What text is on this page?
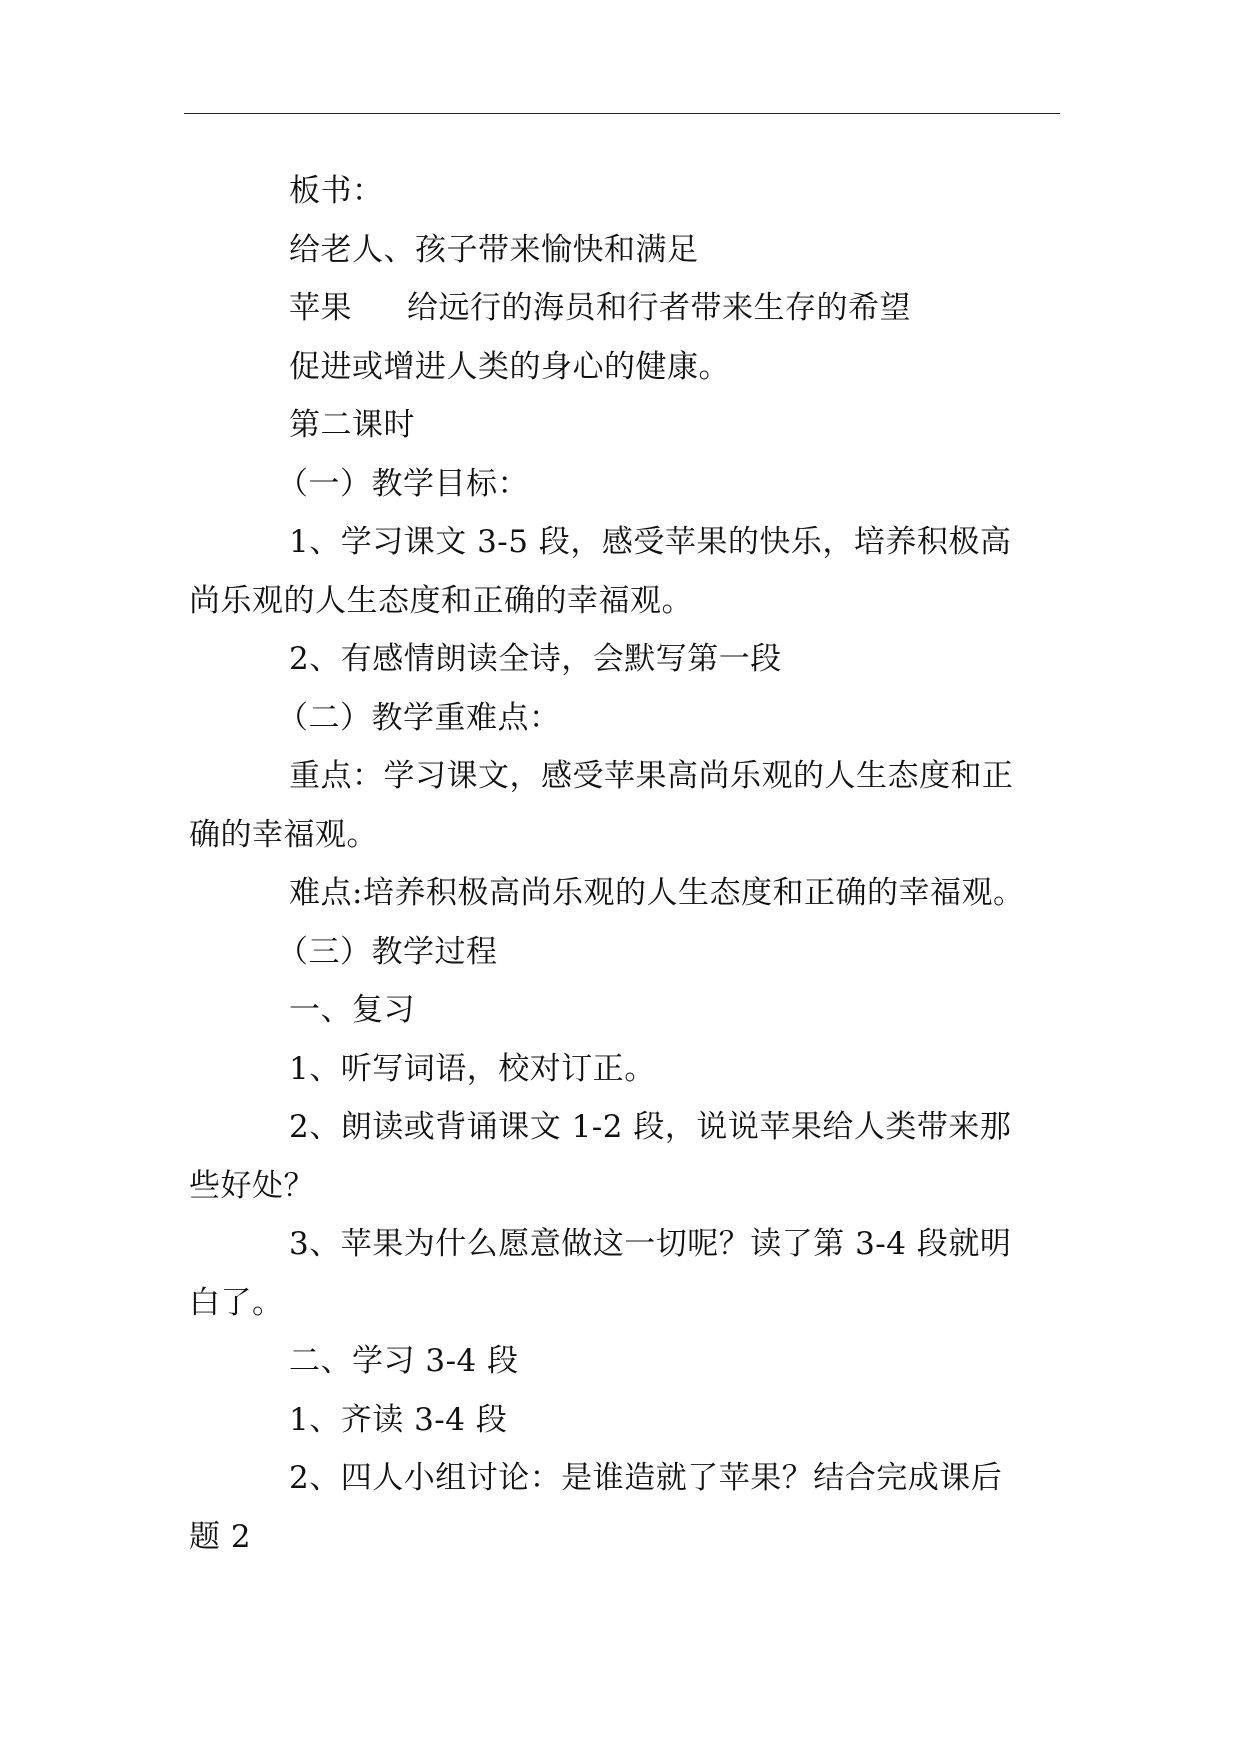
板书：
给老人、孩子带来愉快和满足
苹果 给远行的海员和行者带来生存的希望
促进或增进人类的身心的健康。
第二课时
（一）教学目标：
1、学习课文 3-5 段，感受苹果的快乐，培养积极高
尚乐观的人生态度和正确的幸福观。
2、有感情朗读全诗，会默写第一段
（二）教学重难点：
重点：学习课文，感受苹果高尚乐观的人生态度和正
确的幸福观。
难点:培养积极高尚乐观的人生态度和正确的幸福观。
（三）教学过程
一、复习
1、听写词语，校对订正。
2、朗读或背诵课文 1-2 段，说说苹果给人类带来那
些好处？
3、苹果为什么愿意做这一切呢？读了第 3-4 段就明
白了。
二、学习 3-4 段
1、齐读 3-4 段
2、四人小组讨论：是谁造就了苹果？结合完成课后
题 2
